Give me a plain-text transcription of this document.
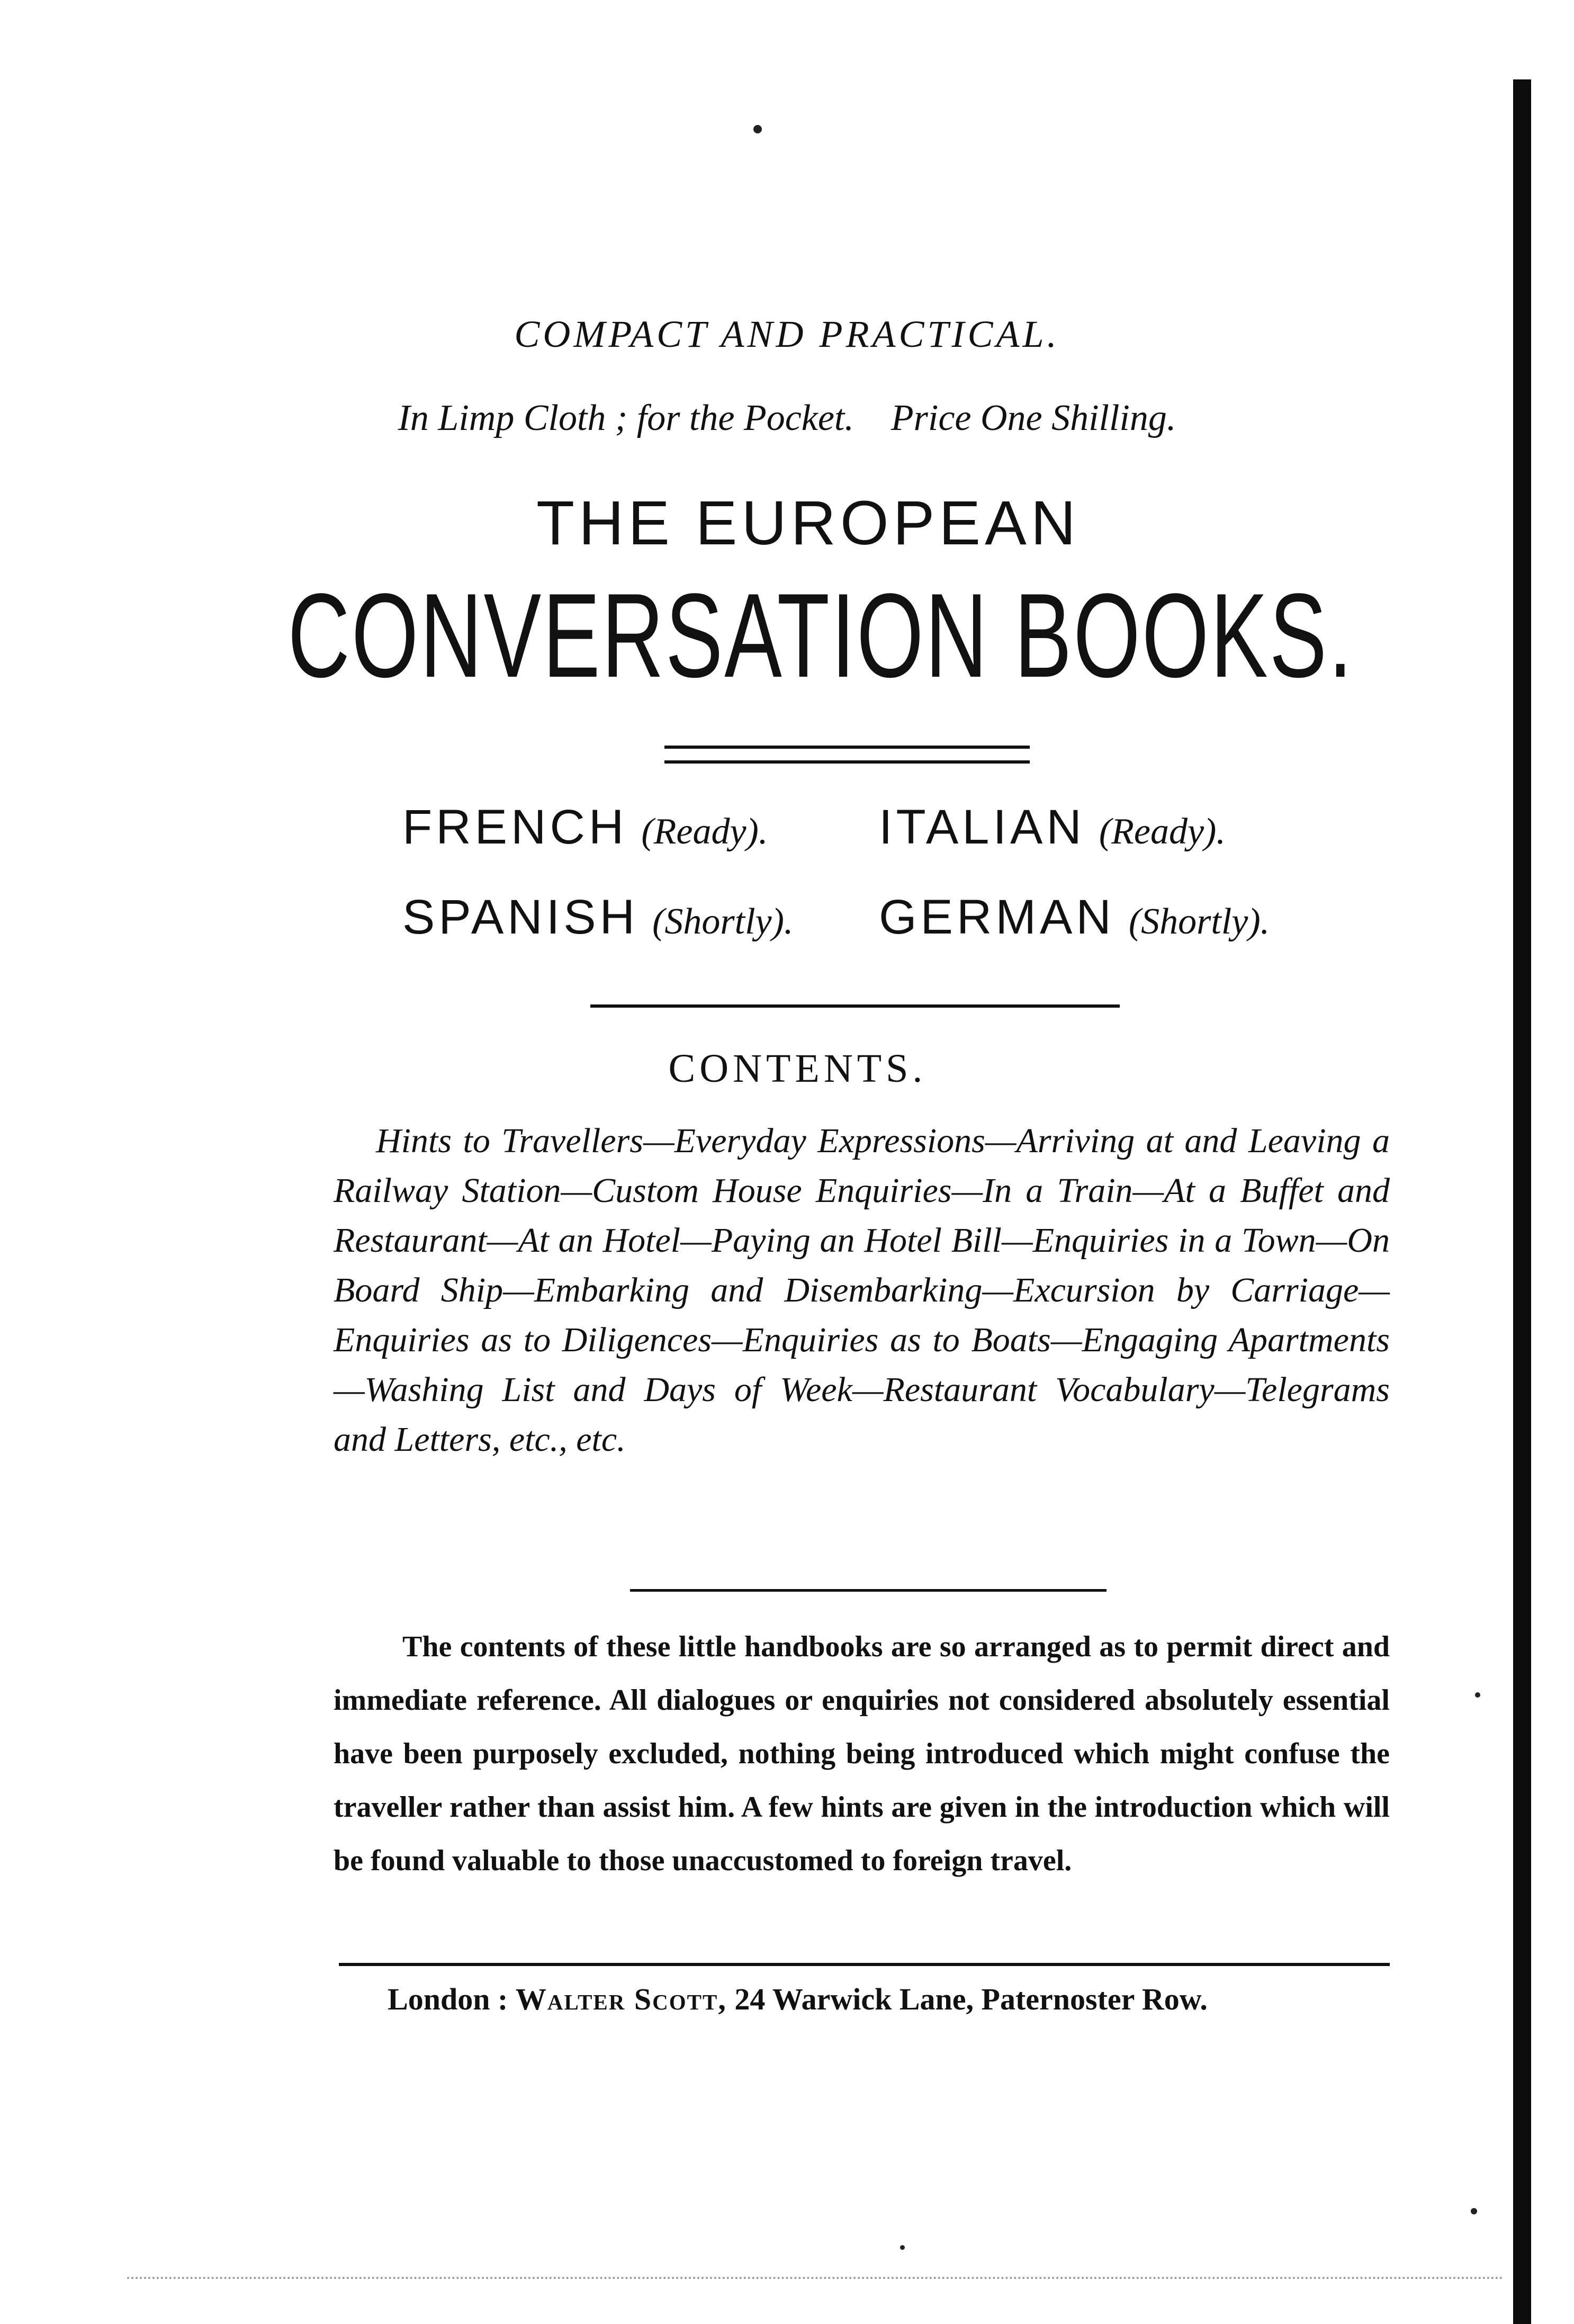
COMPACT AND PRACTICAL.
In Limp Cloth ; for the Pocket. Price One Shilling.
THE EUROPEAN
CONVERSATION BOOKS.
FRENCH (Ready).	ITALIAN (Ready).
SPANISH (Shortly).	GERMAN (Shortly).
CONTENTS.
Hints to Travellers—Everyday Expressions—Arriving at and Leaving a Railway Station—Custom House Enquiries—In a Train—At a Buffet and Restaurant—At an Hotel—Paying an Hotel Bill—Enquiries in a Town—On Board Ship—Embarking and Disembarking—Excursion by Carriage—Enquiries as to Diligences—Enquiries as to Boats—Engaging Apartments—Washing List and Days of Week—Restaurant Vocabulary—Telegrams and Letters, etc., etc.
The contents of these little handbooks are so arranged as to permit direct and immediate reference. All dialogues or enquiries not considered absolutely essential have been purposely excluded, nothing being introduced which might confuse the traveller rather than assist him. A few hints are given in the introduction which will be found valuable to those unaccustomed to foreign travel.
London : Walter Scott, 24 Warwick Lane, Paternoster Row.
